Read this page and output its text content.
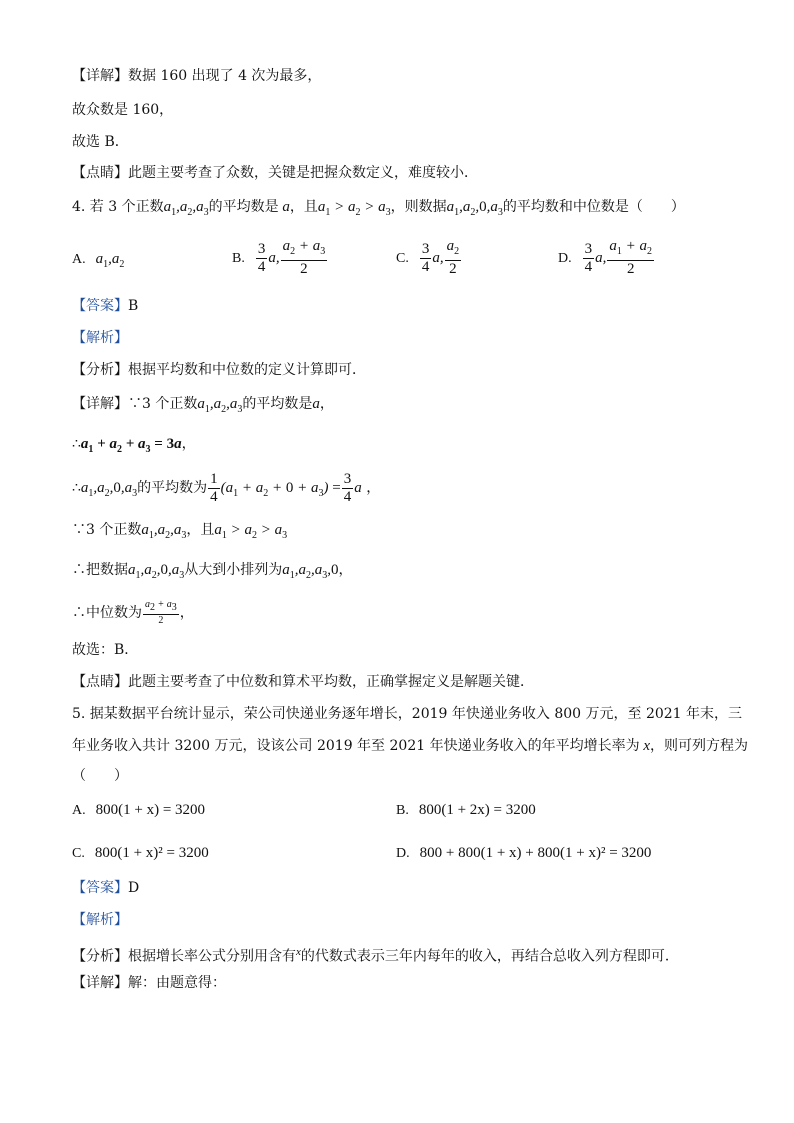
【详解】数据 160 出现了 4 次为最多，
故众数是 160，
故选 B．
【点睛】此题主要考查了众数，关键是把握众数定义，难度较小．
4. 若 3 个正数$a_1,a_2,a_3$的平均数是 a，且$a_1 > a_2 > a_3$，则数据$a_1,a_2,0,a_3$的平均数和中位数是（　　）
A. $a_1,a_2$	B. $\frac{3}{4} a$, $\frac{a_2 + a_3}{2}$	C. $\frac{3}{4} a$, $\frac{a_2}{2}$	D. $\frac{3}{4} a$, $\frac{a_1 + a_2}{2}$
【答案】B
【解析】
【分析】根据平均数和中位数的定义计算即可．
【详解】∵3 个正数$a_1,a_2,a_3$的平均数是a，
$\therefore a_1 + a_2 + a_3 = 3a$，
$\therefore a_1,a_2,0,a_3$的平均数为 $\frac{1}{4} (a_1 + a_2 + 0 + a_3) = \frac{3}{4}$ a ，
∵3 个正数$a_1,a_2,a_3$，且$a_1 > a_2 > a_3$
∴把数据$a_1,a_2,0,a_3$从大到小排列为$a_1,a_2,a_3,0$，
∴中位数为 $\frac{a_2 + a_3}{2}$ ，
故选：B．
【点睛】此题主要考查了中位数和算术平均数，正确掌握定义是解题关键．
5. 据某数据平台统计显示，荣公司快递业务逐年增长，2019 年快递业务收入 800 万元，至 2021 年末，三
年业务收入共计 3200 万元，设该公司 2019 年至 2021 年快递业务收入的年平均增长率为 x，则可列方程为
（　　）
A. 800(1 + x) = 3200	B. 800(1 + 2x) = 3200
C. 800(1 + x)² = 3200	D. 800 + 800(1 + x) + 800(1 + x)² = 3200
【答案】D
【解析】
【分析】根据增长率公式分别用含有$^x$的代数式表示三年内每年的收入，再结合总收入列方程即可．
【详解】解：由题意得：
